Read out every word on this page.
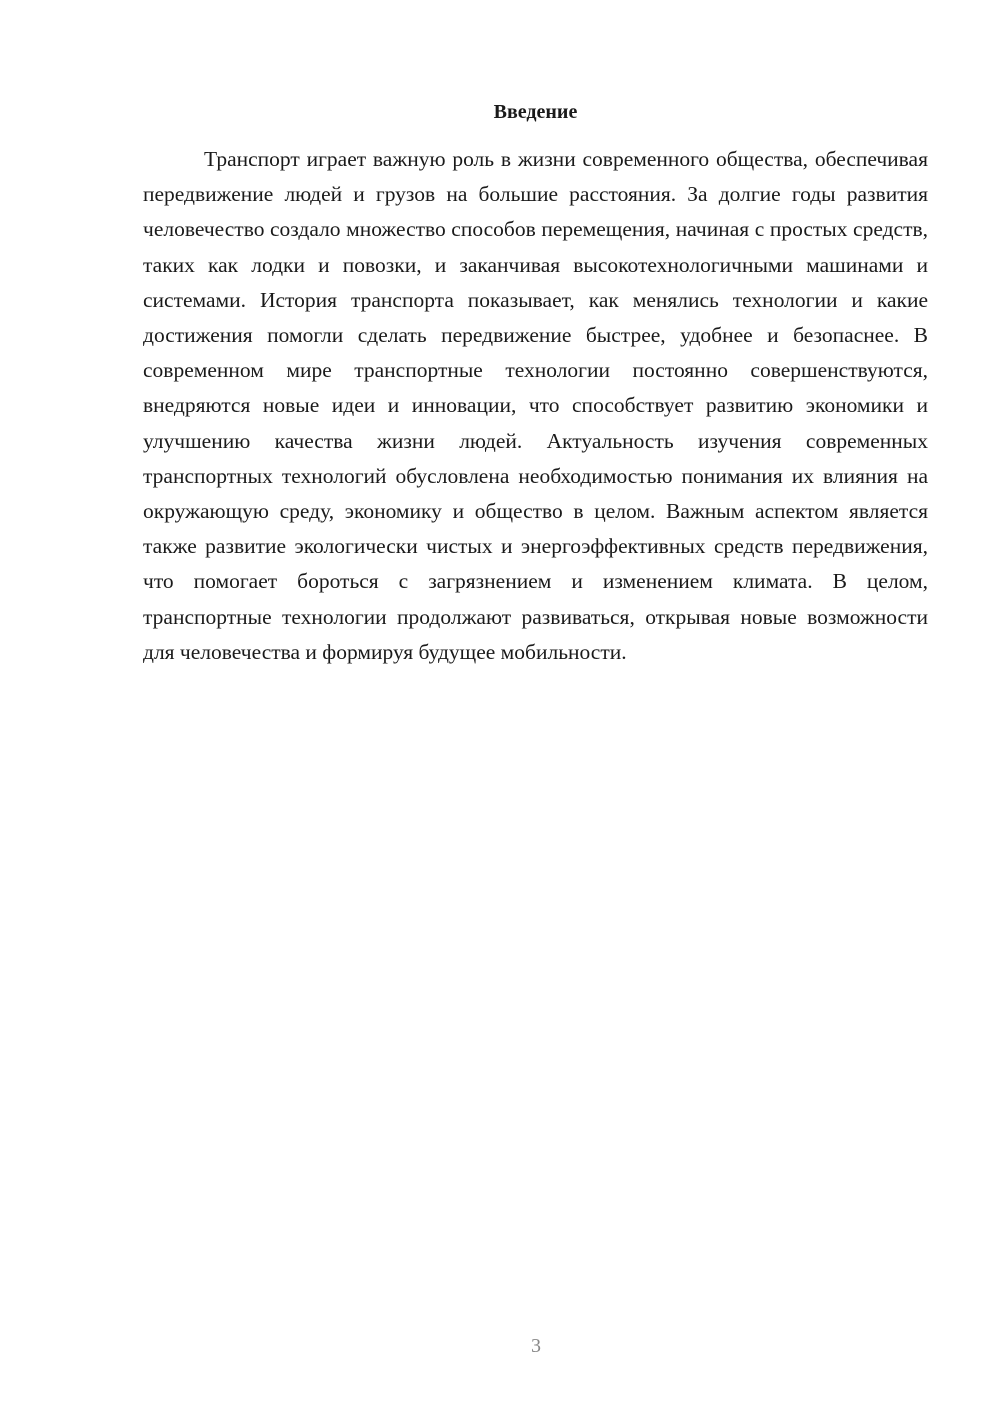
Введение

Транспорт играет важную роль в жизни современного общества, обеспечивая передвижение людей и грузов на большие расстояния. За долгие годы развития человечество создало множество способов перемещения, начиная с простых средств, таких как лодки и повозки, и заканчивая высокотехнологичными машинами и системами. История транспорта показывает, как менялись технологии и какие достижения помогли сделать передвижение быстрее, удобнее и безопаснее. В современном мире транспортные технологии постоянно совершенствуются, внедряются новые идеи и инновации, что способствует развитию экономики и улучшению качества жизни людей. Актуальность изучения современных транспортных технологий обусловлена необходимостью понимания их влияния на окружающую среду, экономику и общество в целом. Важным аспектом является также развитие экологически чистых и энергоэффективных средств передвижения, что помогает бороться с загрязнением и изменением климата. В целом, транспортные технологии продолжают развиваться, открывая новые возможности для человечества и формируя будущее мобильности.

3
